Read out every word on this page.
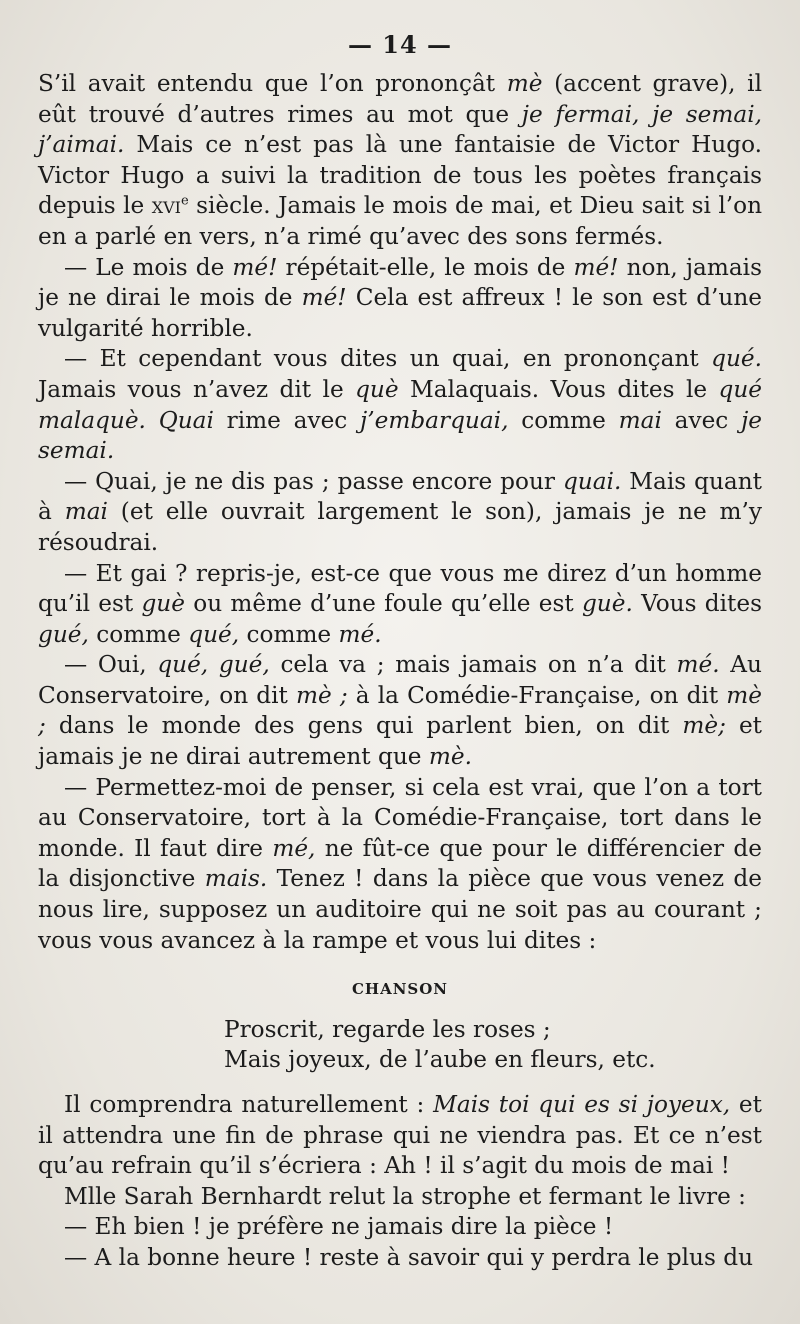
— 14 —

S’il avait entendu que l’on prononçât mè (accent grave), il eût trouvé d’autres rimes au mot que je fermai, je semai, j’aimai. Mais ce n’est pas là une fantaisie de Victor Hugo. Victor Hugo a suivi la tradition de tous les poètes français depuis le xvi$^e$ siècle. Jamais le mois de mai, et Dieu sait si l’on en a parlé en vers, n’a rimé qu’avec des sons fermés.

— Le mois de mé! répétait-elle, le mois de mé! non, jamais je ne dirai le mois de mé! Cela est affreux ! le son est d’une vulgarité horrible.

— Et cependant vous dites un quai, en prononçant qué. Jamais vous n’avez dit le què Malaquais. Vous dites le qué malaquè. Quai rime avec j’embarquai, comme mai avec je semai.

— Quai, je ne dis pas ; passe encore pour quai. Mais quant à mai (et elle ouvrait largement le son), jamais je ne m’y résoudrai.

— Et gai ? repris-je, est-ce que vous me direz d’un homme qu’il est guè ou même d’une foule qu’elle est guè. Vous dites gué, comme qué, comme mé.

— Oui, qué, gué, cela va ; mais jamais on n’a dit mé. Au Conservatoire, on dit mè ; à la Comédie-Française, on dit mè ; dans le monde des gens qui parlent bien, on dit mè; et jamais je ne dirai autrement que mè.

— Permettez-moi de penser, si cela est vrai, que l’on a tort au Conservatoire, tort à la Comédie-Française, tort dans le monde. Il faut dire mé, ne fût-ce que pour le différencier de la disjonctive mais. Tenez ! dans la pièce que vous venez de nous lire, supposez un auditoire qui ne soit pas au courant ; vous vous avancez à la rampe et vous lui dites :

CHANSON
Proscrit, regarde les roses ;
Mais joyeux, de l’aube en fleurs, etc.

Il comprendra naturellement : Mais toi qui es si joyeux, et il attendra une fin de phrase qui ne viendra pas. Et ce n’est qu’au refrain qu’il s’écriera : Ah ! il s’agit du mois de mai !

Mlle Sarah Bernhardt relut la strophe et fermant le livre :

— Eh bien ! je préfère ne jamais dire la pièce !

— A la bonne heure ! reste à savoir qui y perdra le plus du
